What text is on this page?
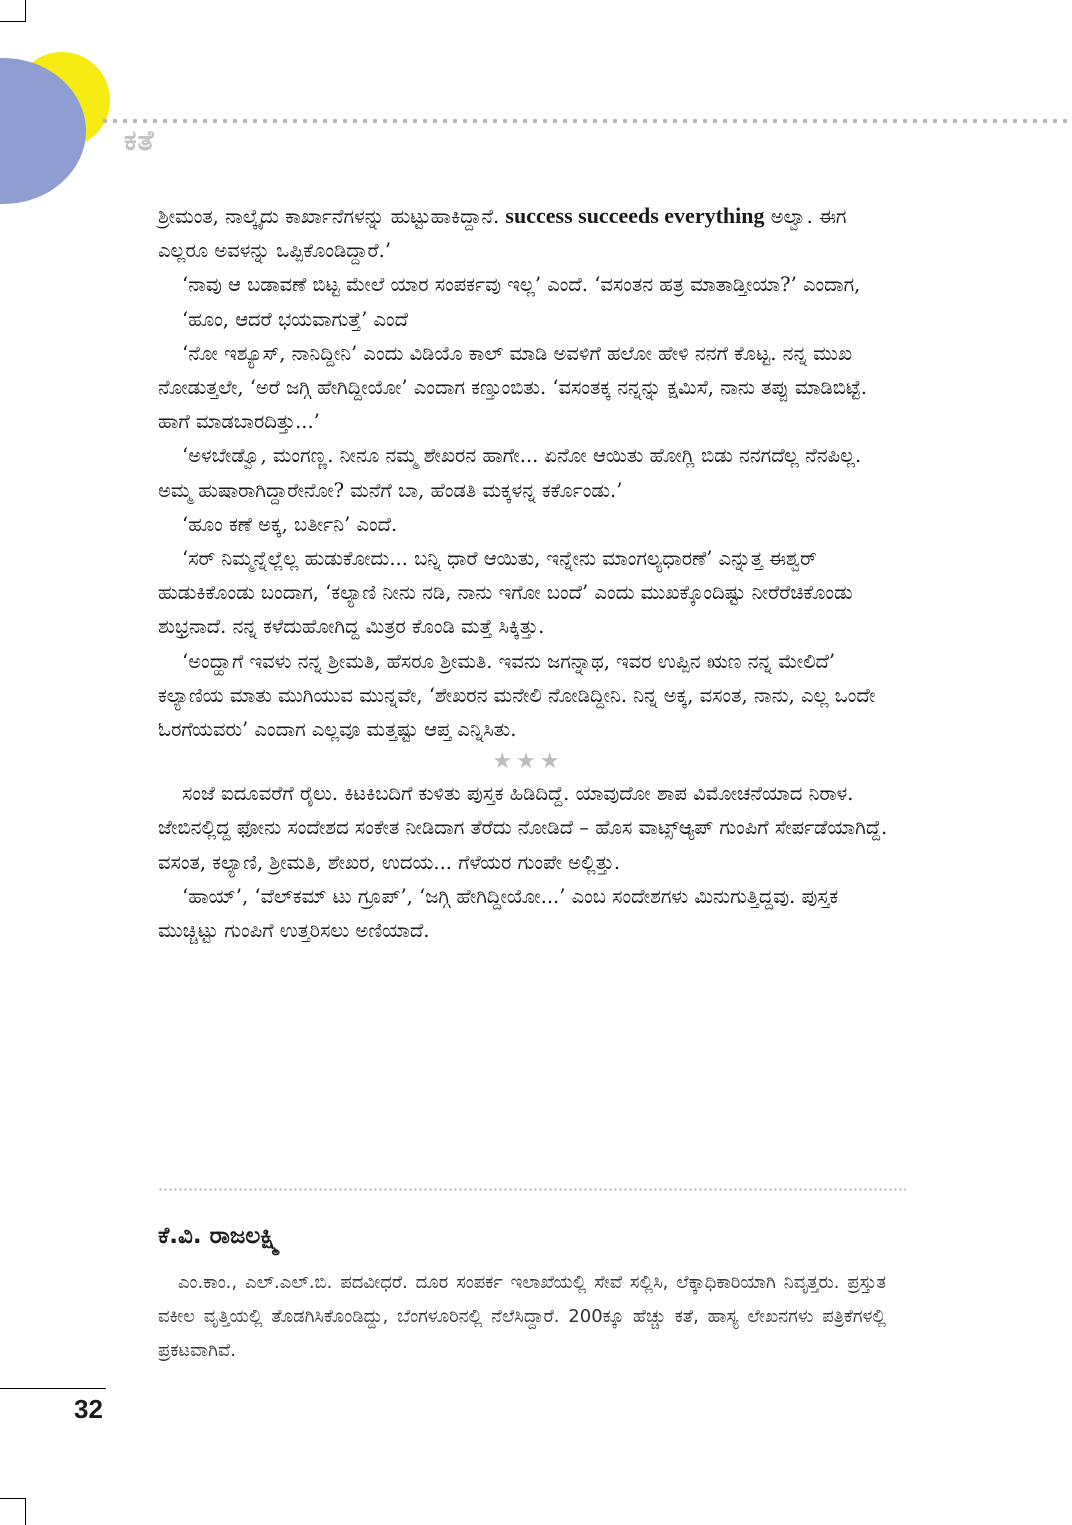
ಕತೆ

ಶ್ರೀಮಂತ, ನಾಲ್ಕೈದು ಕಾರ್ಖಾನೆಗಳನ್ನು ಹುಟ್ಟುಹಾಕಿದ್ದಾನೆ. success succeeds everything ಅಲ್ವಾ. ಈಗ ಎಲ್ಲರೂ ಅವಳನ್ನು ಒಪ್ಪಿಕೊಂಡಿದ್ದಾರೆ.’

‘ನಾವು ಆ ಬಡಾವಣೆ ಬಿಟ್ಟ ಮೇಲೆ ಯಾರ ಸಂಪರ್ಕವು ಇಲ್ಲ’ ಎಂದೆ. ‘ವಸಂತನ ಹತ್ರ ಮಾತಾಡ್ತೀಯಾ?’ ಎಂದಾಗ,

‘ಹೂಂ, ಆದರೆ ಭಯವಾಗುತ್ತೆ’ ಎಂದೆ

‘ನೋ ಇಶ್ಯೂಸ್, ನಾನಿದ್ದೀನಿ’ ಎಂದು ವಿಡಿಯೊ ಕಾಲ್ ಮಾಡಿ ಅವಳಿಗೆ ಹಲೋ ಹೇಳಿ ನನಗೆ ಕೊಟ್ಟ. ನನ್ನ ಮುಖ ನೋಡುತ್ತಲೇ, ‘ಅರೆ ಜಗ್ಗಿ ಹೇಗಿದ್ದೀಯೋ’ ಎಂದಾಗ ಕಣ್ತುಂಬಿತು. ‘ವಸಂತಕ್ಕ ನನ್ನನ್ನು ಕ್ಷಮಿಸೆ, ನಾನು ತಪ್ಪು ಮಾಡಿಬಿಟ್ಟೆ. ಹಾಗೆ ಮಾಡಬಾರದಿತ್ತು...’

‘ಅಳಬೇಡ್ವೊ, ಮಂಗಣ್ಣ. ನೀನೂ ನಮ್ಮ ಶೇಖರನ ಹಾಗೇ... ಏನೋ ಆಯಿತು ಹೋಗ್ಲಿ ಬಿಡು ನನಗದೆಲ್ಲ ನೆನಪಿಲ್ಲ. ಅಮ್ಮ ಹುಷಾರಾಗಿದ್ದಾರೇನೋ? ಮನೆಗೆ ಬಾ, ಹೆಂಡತಿ ಮಕ್ಕಳನ್ನ ಕರ್ಕೊಂಡು.’

‘ಹೂಂ ಕಣೆ ಅಕ್ಕ, ಬರ್ತೀನಿ’ ಎಂದೆ.

‘ಸರ್ ನಿಮ್ಮನ್ನೆಲ್ಲೆಲ್ಲ ಹುಡುಕೋದು... ಬನ್ನಿ ಧಾರೆ ಆಯಿತು, ಇನ್ನೇನು ಮಾಂಗಲ್ಯಧಾರಣೆ’ ಎನ್ನುತ್ತ ಈಶ್ವರ್ ಹುಡುಕಿಕೊಂಡು ಬಂದಾಗ, ‘ಕಲ್ಯಾಣಿ ನೀನು ನಡಿ, ನಾನು ಇಗೋ ಬಂದೆ’ ಎಂದು ಮುಖಕ್ಕೊಂದಿಷ್ಟು ನೀರೆರೆಚಿಕೊಂಡು ಶುಭ್ರನಾದೆ. ನನ್ನ ಕಳೆದುಹೋಗಿದ್ದ ಮಿತ್ರರ ಕೊಂಡಿ ಮತ್ತೆ ಸಿಕ್ಕಿತ್ತು.

‘ಅಂದ್ಹಾಗೆ ಇವಳು ನನ್ನ ಶ್ರೀಮತಿ, ಹೆಸರೂ ಶ್ರೀಮತಿ. ಇವನು ಜಗನ್ನಾಥ, ಇವರ ಉಪ್ಪಿನ ಋಣ ನನ್ನ ಮೇಲಿದೆ’ ಕಲ್ಯಾಣಿಯ ಮಾತು ಮುಗಿಯುವ ಮುನ್ನವೇ, ‘ಶೇಖರನ ಮನೇಲಿ ನೋಡಿದ್ದೀನಿ. ನಿನ್ನ ಅಕ್ಕ, ವಸಂತ, ನಾನು, ಎಲ್ಲ ಒಂದೇ ಓರಗೆಯವರು’ ಎಂದಾಗ ಎಲ್ಲವೂ ಮತ್ತಷ್ಟು ಆಪ್ತ ಎನ್ನಿಸಿತು.

★★★

ಸಂಜೆ ಐದೂವರೆಗೆ ರೈಲು. ಕಿಟಕಿಬದಿಗೆ ಕುಳಿತು ಪುಸ್ತಕ ಹಿಡಿದಿದ್ದೆ. ಯಾವುದೋ ಶಾಪ ವಿಮೋಚನೆಯಾದ ನಿರಾಳ. ಜೇಬಿನಲ್ಲಿದ್ದ ಫೋನು ಸಂದೇಶದ ಸಂಕೇತ ನೀಡಿದಾಗ ತೆರೆದು ನೋಡಿದೆ – ಹೊಸ ವಾಟ್ಸ್ಆ್ಯಪ್ ಗುಂಪಿಗೆ ಸೇರ್ಪಡೆಯಾಗಿದ್ದೆ. ವಸಂತ, ಕಲ್ಯಾಣಿ, ಶ್ರೀಮತಿ, ಶೇಖರ, ಉದಯ... ಗೆಳೆಯರ ಗುಂಪೇ ಅಲ್ಲಿತ್ತು.

‘ಹಾಯ್’, ‘ವೆಲ್‌ಕಮ್ ಟು ಗ್ರೂಪ್’, ‘ಜಗ್ಗಿ ಹೇಗಿದ್ದೀಯೋ...’ ಎಂಬ ಸಂದೇಶಗಳು ಮಿನುಗುತ್ತಿದ್ದವು. ಪುಸ್ತಕ ಮುಚ್ಚಿಟ್ಟು ಗುಂಪಿಗೆ ಉತ್ತರಿಸಲು ಅಣಿಯಾದೆ.

ಕೆ.ವಿ. ರಾಜಲಕ್ಷ್ಮಿ
ಎಂ.ಕಾಂ., ಎಲ್.ಎಲ್.ಬಿ. ಪದವೀಧರೆ. ದೂರ ಸಂಪರ್ಕ ಇಲಾಖೆಯಲ್ಲಿ ಸೇವೆ ಸಲ್ಲಿಸಿ, ಲೆಕ್ಕಾಧಿಕಾರಿಯಾಗಿ ನಿವೃತ್ತರು. ಪ್ರಸ್ತುತ ವಕೀಲ ವೃತ್ತಿಯಲ್ಲಿ ತೊಡಗಿಸಿಕೊಂಡಿದ್ದು, ಬೆಂಗಳೂರಿನಲ್ಲಿ ನೆಲೆಸಿದ್ದಾರೆ. 200ಕ್ಕೂ ಹೆಚ್ಚು ಕತೆ, ಹಾಸ್ಯ ಲೇಖನಗಳು ಪತ್ರಿಕೆಗಳಲ್ಲಿ ಪ್ರಕಟವಾಗಿವೆ.
32
